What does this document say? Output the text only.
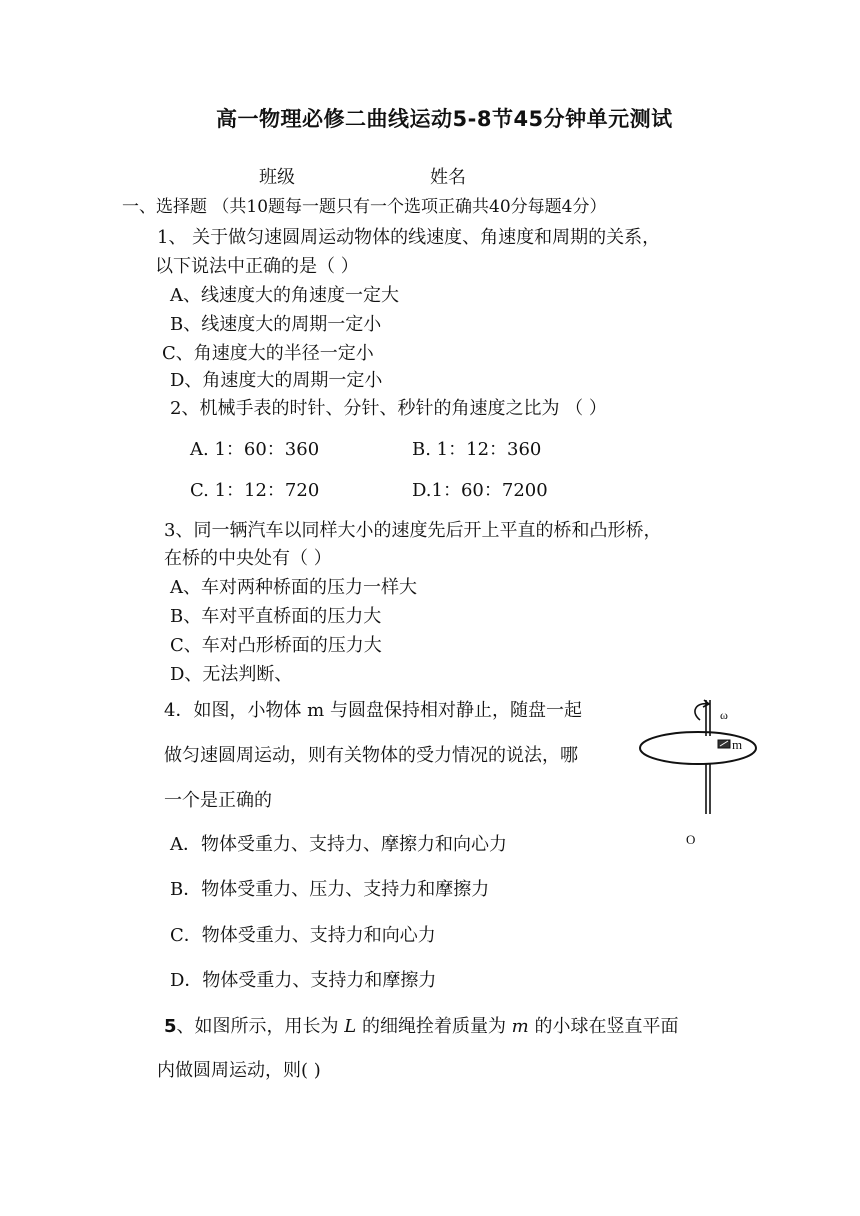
高一物理必修二曲线运动5-8节45分钟单元测试
班级	姓名
一、选择题 （共10题每一题只有一个选项正确共40分每题4分）
1、 关于做匀速圆周运动物体的线速度、角速度和周期的关系，
以下说法中正确的是（ ）
A、线速度大的角速度一定大
B、线速度大的周期一定小
C、角速度大的半径一定小
D、角速度大的周期一定小
2、机械手表的时针、分针、秒针的角速度之比为 （ ）
A. 1：60：360	B. 1：12：360
C. 1：12：720	D.1：60：7200
3、同一辆汽车以同样大小的速度先后开上平直的桥和凸形桥，
在桥的中央处有（ ）
A、车对两种桥面的压力一样大
B、车对平直桥面的压力大
C、车对凸形桥面的压力大
D、无法判断、
4．如图，小物体 m 与圆盘保持相对静止，随盘一起
做匀速圆周运动，则有关物体的受力情况的说法，哪
一个是正确的
A．物体受重力、支持力、摩擦力和向心力
B．物体受重力、压力、支持力和摩擦力
C．物体受重力、支持力和向心力
D．物体受重力、支持力和摩擦力
ω
m
O
5、如图所示，用长为 L 的细绳拴着质量为 m 的小球在竖直平面
内做圆周运动，则( )
